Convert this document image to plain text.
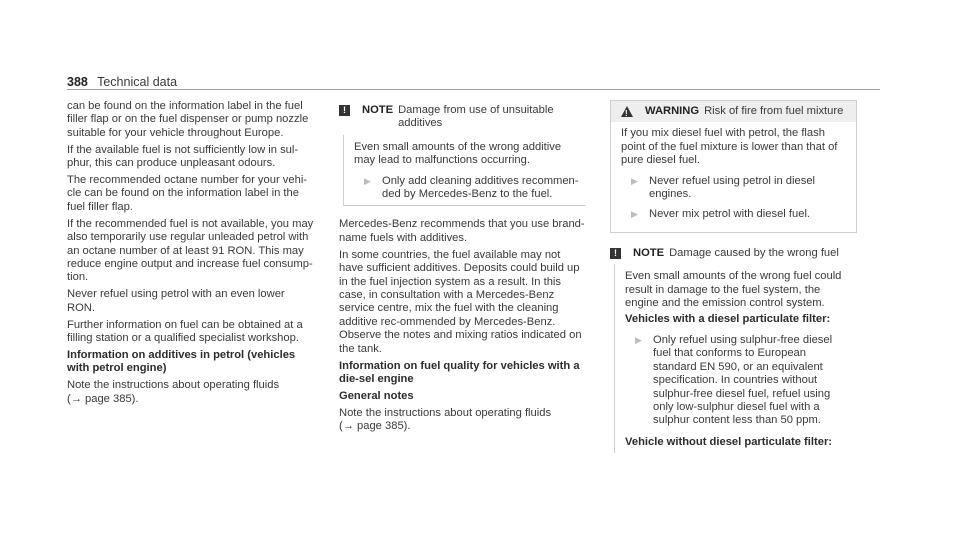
388 Technical data

can be found on the information label in the fuel filler flap or on the fuel dispenser or pump nozzle suitable for your vehicle throughout Europe.

If the available fuel is not sufficiently low in sul-phur, this can produce unpleasant odours.

The recommended octane number for your vehi-cle can be found on the information label in the fuel filler flap.

If the recommended fuel is not available, you may also temporarily use regular unleaded petrol with an octane number of at least 91 RON. This may reduce engine output and increase fuel consump-tion.

Never refuel using petrol with an even lower RON.

Further information on fuel can be obtained at a filling station or a qualified specialist workshop.

Information on additives in petrol (vehicles with petrol engine)

Note the instructions about operating fluids

(→ page 385).

!	NOTE Damage from use of unsuitable additives
Even small amounts of the wrong additive may lead to malfunctions occurring.
▶ Only add cleaning additives recommen-ded by Mercedes-Benz to the fuel.

Mercedes-Benz recommends that you use brand-name fuels with additives.

In some countries, the fuel available may not have sufficient additives. Deposits could build up in the fuel injection system as a result. In this case, in consultation with a Mercedes-Benz service centre, mix the fuel with the cleaning additive rec-ommended by Mercedes-Benz. Observe the notes and mixing ratios indicated on the tank.

Information on fuel quality for vehicles with a die-sel engine

General notes

Note the instructions about operating fluids

(→ page 385).

!
WARNING Risk of fire from fuel mixture
If you mix diesel fuel with petrol, the flash point of the fuel mixture is lower than that of pure diesel fuel.
▶ Never refuel using petrol in diesel engines.
▶ Never mix petrol with diesel fuel.
!	NOTE Damage caused by the wrong fuel
Even small amounts of the wrong fuel could result in damage to the fuel system, the engine and the emission control system.
Vehicles with a diesel particulate filter:
▶ Only refuel using sulphur-free diesel fuel that conforms to European standard EN 590, or an equivalent specification. In countries without sulphur-free diesel fuel, refuel using only low-sulphur diesel fuel with a sulphur content less than 50 ppm.
Vehicle without diesel particulate filter:
